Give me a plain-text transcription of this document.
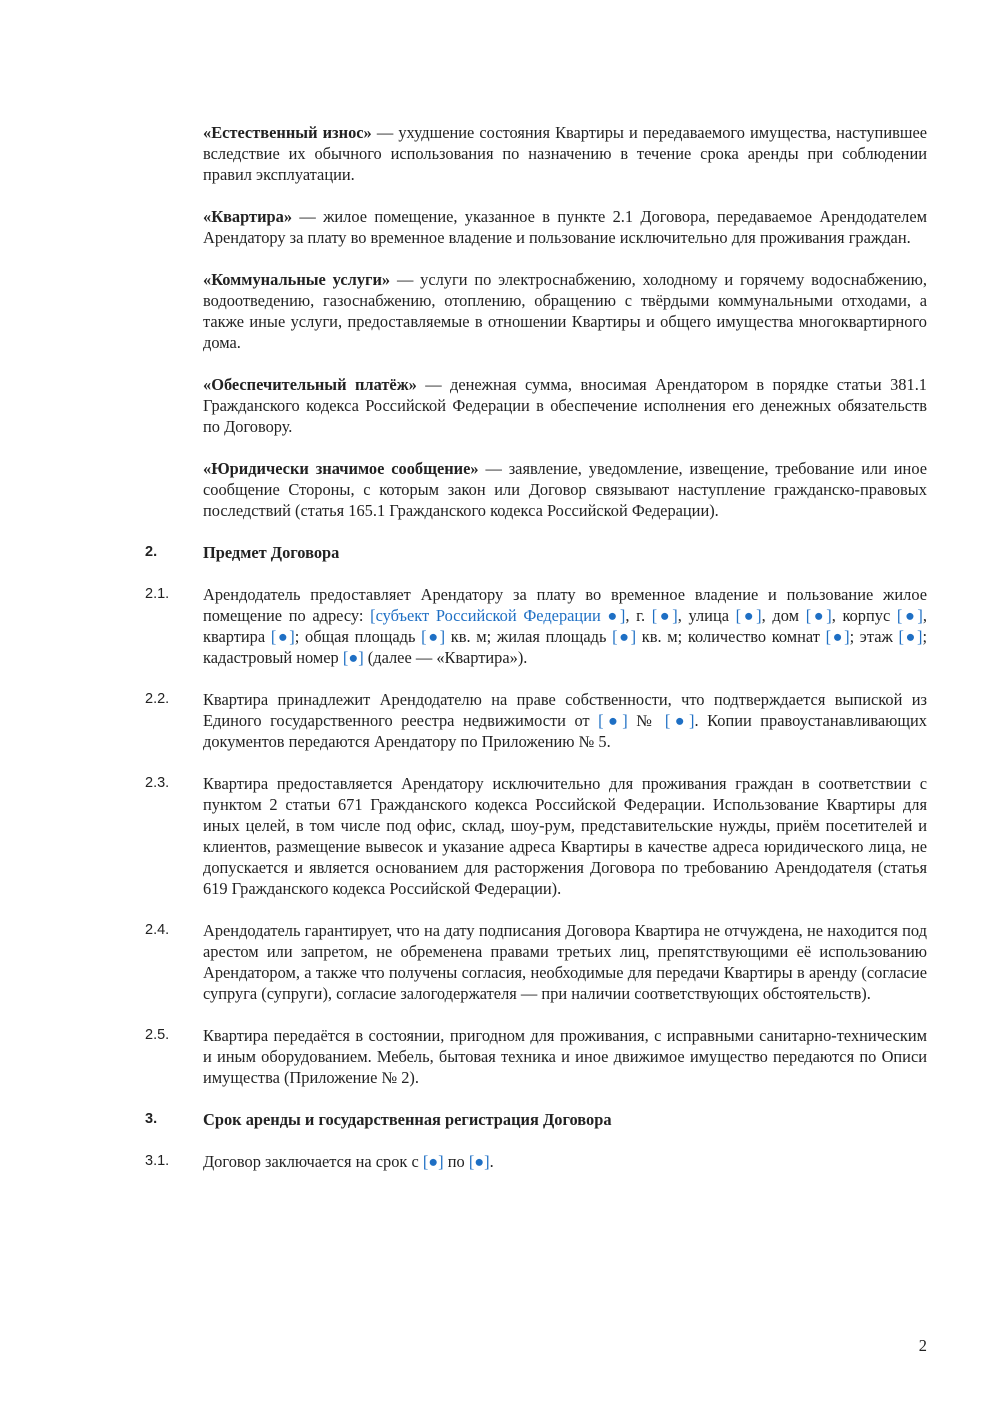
«Естественный износ» — ухудшение состояния Квартиры и передаваемого имущества, наступившее вследствие их обычного использования по назначению в течение срока аренды при соблюдении правил эксплуатации.

«Квартира» — жилое помещение, указанное в пункте 2.1 Договора, передаваемое Арендодателем Арендатору за плату во временное владение и пользование исключительно для проживания граждан.

«Коммунальные услуги» — услуги по электроснабжению, холодному и горячему водоснабжению, водоотведению, газоснабжению, отоплению, обращению с твёрдыми коммунальными отходами, а также иные услуги, предоставляемые в отношении Квартиры и общего имущества многоквартирного дома.

«Обеспечительный платёж» — денежная сумма, вносимая Арендатором в порядке статьи 381.1 Гражданского кодекса Российской Федерации в обеспечение исполнения его денежных обязательств по Договору.

«Юридически значимое сообщение» — заявление, уведомление, извещение, требование или иное сообщение Стороны, с которым закон или Договор связывают наступление гражданско-правовых последствий (статья 165.1 Гражданского кодекса Российской Федерации).

2.	Предмет Договора
2.1.	Арендодатель предоставляет Арендатору за плату во временное владение и пользование жилое помещение по адресу: [субъект Российской Федерации ●], г. [●], улица [●], дом [●], корпус [●], квартира [●]; общая площадь [●] кв. м; жилая площадь [●] кв. м; количество комнат [●]; этаж [●]; кадастровый номер [●] (далее — «Квартира»).
2.2.	Квартира принадлежит Арендодателю на праве собственности, что подтверждается выпиской из Единого государственного реестра недвижимости от [●] № [●]. Копии правоустанавливающих документов передаются Арендатору по Приложению № 5.
2.3.	Квартира предоставляется Арендатору исключительно для проживания граждан в соответствии с пунктом 2 статьи 671 Гражданского кодекса Российской Федерации. Использование Квартиры для иных целей, в том числе под офис, склад, шоу-рум, представительские нужды, приём посетителей и клиентов, размещение вывесок и указание адреса Квартиры в качестве адреса юридического лица, не допускается и является основанием для расторжения Договора по требованию Арендодателя (статья 619 Гражданского кодекса Российской Федерации).
2.4.	Арендодатель гарантирует, что на дату подписания Договора Квартира не отчуждена, не находится под арестом или запретом, не обременена правами третьих лиц, препятствующими её использованию Арендатором, а также что получены согласия, необходимые для передачи Квартиры в аренду (согласие супруга (супруги), согласие залогодержателя — при наличии соответствующих обстоятельств).
2.5.	Квартира передаётся в состоянии, пригодном для проживания, с исправными санитарно-техническим и иным оборудованием. Мебель, бытовая техника и иное движимое имущество передаются по Описи имущества (Приложение № 2).
3.	Срок аренды и государственная регистрация Договора
3.1.	Договор заключается на срок с [●] по [●].
2
